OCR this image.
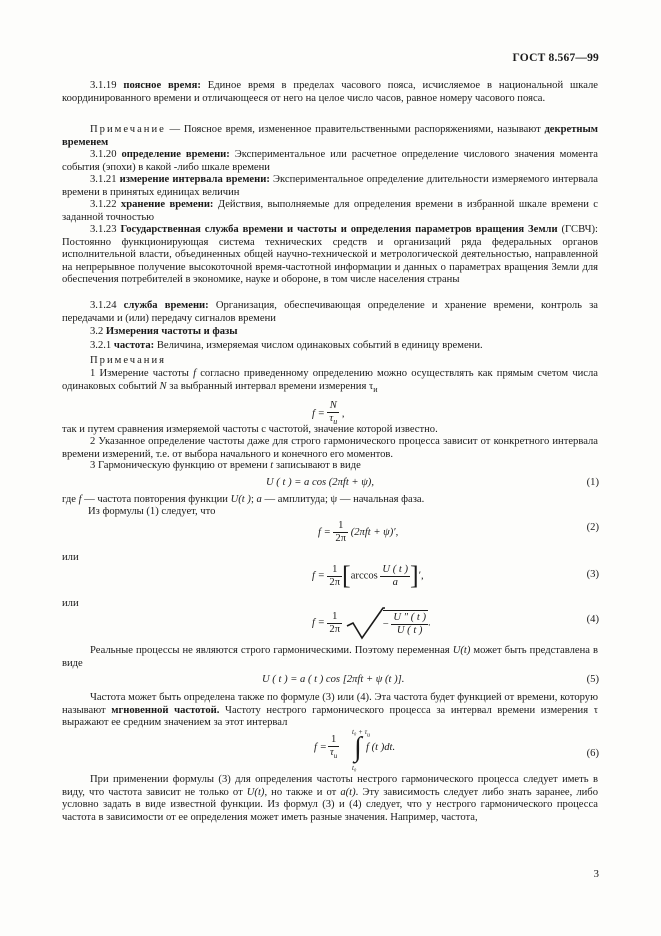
ГОСТ 8.567—99
3.1.19 поясное время: Единое время в пределах часового пояса, исчисляемое в национальной шкале координированного времени и отличающееся от него на целое число часов, равное номеру часового пояса.
Примечание — Поясное время, измененное правительственными распоряжениями, называют декретным временем
3.1.20 определение времени: Экспериментальное или расчетное определение числового значения момента события (эпохи) в какой -либо шкале времени
3.1.21 измерение интервала времени: Экспериментальное определение длительности измеряемого интервала времени в принятых единицах величин
3.1.22 хранение времени: Действия, выполняемые для определения времени в избранной шкале времени с заданной точностью
3.1.23 Государственная служба времени и частоты и определения параметров вращения Земли (ГСВЧ): Постоянно функционирующая система технических средств и организаций ряда федеральных органов исполнительной власти, объединенных общей научно-технической и метрологической деятельностью, направленной на непрерывное получение высокоточной время-частотной информации и данных о параметрах вращения Земли для обеспечения потребителей в экономике, науке и обороне, в том числе населения страны
3.1.24 служба времени: Организация, обеспечивающая определение и хранение времени, контроль за передачами и (или) передачу сигналов времени
3.2 Измерения частоты и фазы
3.2.1 частота: Величина, измеряемая числом одинаковых событий в единицу времени.
Примечания
1 Измерение частоты f согласно приведенному определению можно осуществлять как прямым счетом числа одинаковых событий N за выбранный интервал времени измерения $\tau_и$
$f = \frac{N}{\tau_и}$ ,
так и путем сравнения измеряемой частоты с частотой, значение которой известно.
2 Указанное определение частоты даже для строго гармонического процесса зависит от конкретного интервала времени измерений, т.е. от выбора начального и конечного его моментов.
3 Гармоническую функцию от времени t записывают в виде
U ( t ) = a cos (2πft + ψ),	(1)
где f — частота повторения функции U(t ); a — амплитуда; ψ — начальная фаза.
Из формулы (1) следует, что
$f = \frac{1}{2\pi} (2\pi ft + \psi)'$,	(2)
или
$f = \frac{1}{2\pi} [\arccos \frac{U ( t )}{a}$ ]′,	(3)
или
$f = \frac{1}{2\pi}$	− $\frac{U '' ( t )}{U ( t )}$ .	(4)
Реальные процессы не являются строго гармоническими. Поэтому переменная U(t) может быть представлена в виде
U ( t ) = a ( t ) cos [2πft + ψ (t )].	(5)
Частота может быть определена также по формуле (3) или (4). Эта частота будет функцией от времени, которую называют мгновенной частотой. Частоту нестрого гармонического процесса за интервал времени измерения τ выражают ее средним значением за этот интервал
f =
1
$\tau_и$
$t_0 + \tau_и$
∫
t₀
f (t )dt.
(6)
При применении формулы (3) для определения частоты нестрого гармонического процесса следует иметь в виду, что частота зависит не только от U(t), но также и от a(t). Эту зависимость следует либо знать заранее, либо условно задать в виде известной функции. Из формул (3) и (4) следует, что у нестрого гармонического процесса частота в зависимости от ее определения может иметь разные значения. Например, частота,
3
